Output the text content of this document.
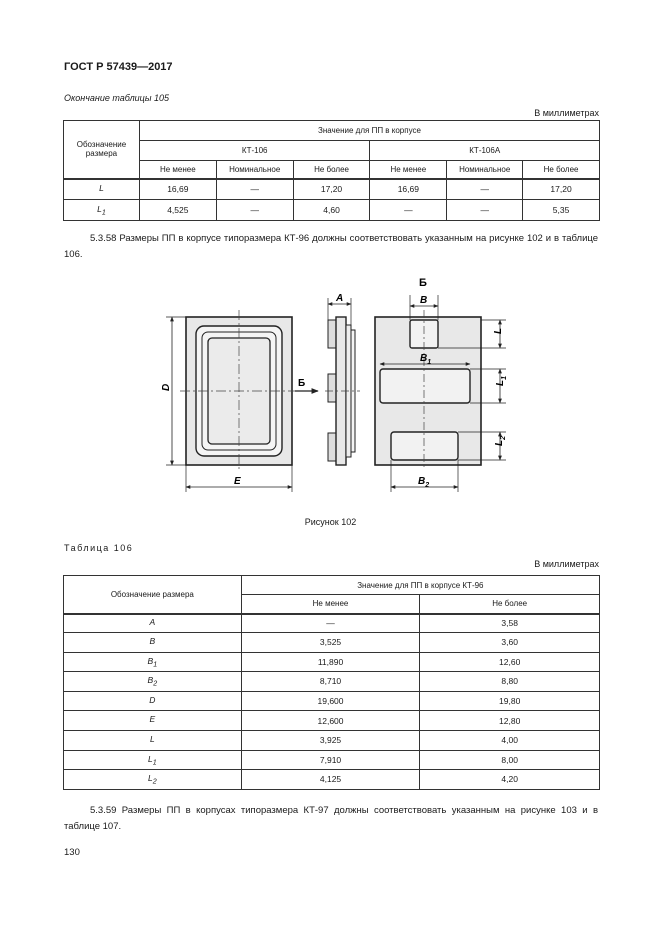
ГОСТ Р 57439—2017
Окончание таблицы 105
В миллиметрах
Обозначение размера	Значение для ПП в корпусе					
	КТ-106			КТ-106А		
	Не менее	Номинальное	Не более	Не менее	Номинальное	Не более
L	16,69	—	17,20	16,69	—	17,20
$L_1$	4,525	—	4,60	—	—	5,35
5.3.58 Размеры ПП в корпусе типоразмера КТ-96 должны соответствовать указанным на рисунке 102 и в таблице 106.
D
E
Б
A
Б
B
$B_1$
$B_2$
L
$L_1$
$L_2$
Рисунок 102
Таблица 106
В миллиметрах
Обозначение размера	Значение для ПП в корпусе КТ-96	
	Не менее	Не более
A	—	3,58
B	3,525	3,60
$B_1$	11,890	12,60
$B_2$	8,710	8,80
D	19,600	19,80
E	12,600	12,80
L	3,925	4,00
$L_1$	7,910	8,00
$L_2$	4,125	4,20
5.3.59 Размеры ПП в корпусах типоразмера КТ-97 должны соответствовать указанным на рисунке 103 и в таблице 107.
130
